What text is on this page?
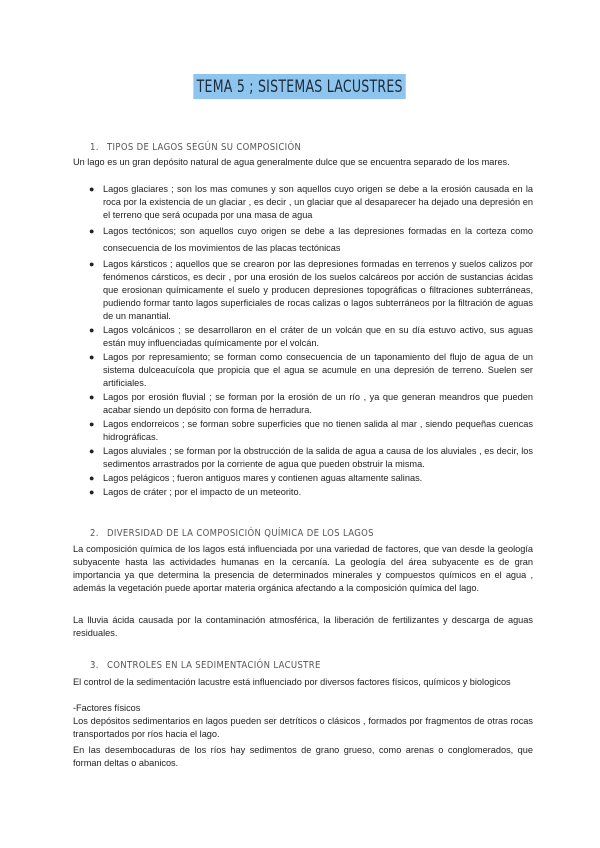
TEMA 5 ; SISTEMAS LACUSTRES
1. TIPOS DE LAGOS SEGÚN SU COMPOSICIÓN
Un lago es un gran depósito natural de agua generalmente dulce que se encuentra separado de los mares.
● Lagos glaciares ; son los mas comunes y son aquellos cuyo origen se debe a la erosión causada en la roca por la existencia de un glaciar , es decir , un glaciar que al desaparecer ha dejado una depresión en el terreno que será ocupada por una masa de agua
● Lagos tectónicos; son aquellos cuyo origen se debe a las depresiones formadas en la corteza como consecuencia de los movimientos de las placas tectónicas
● Lagos kársticos ; aquellos que se crearon por las depresiones formadas en terrenos y suelos calizos por fenómenos cársticos, es decir , por una erosión de los suelos calcáreos por acción de sustancias ácidas que erosionan químicamente el suelo y producen depresiones topográficas o filtraciones subterráneas, pudiendo formar tanto lagos superficiales de rocas calizas o lagos subterráneos por la filtración de aguas de un manantial.
● Lagos volcánicos ; se desarrollaron en el cráter de un volcán que en su día estuvo activo, sus aguas están muy influenciadas químicamente por el volcán.
● Lagos por represamiento; se forman como consecuencia de un taponamiento del flujo de agua de un sistema dulceacuícola que propicia que el agua se acumule en una depresión de terreno. Suelen ser artificiales.
● Lagos por erosión fluvial ; se forman por la erosión de un río , ya que generan meandros que pueden acabar siendo un depósito con forma de herradura.
● Lagos endorreicos ; se forman sobre superficies que no tienen salida al mar , siendo pequeñas cuencas hidrográficas.
● Lagos aluviales ; se forman por la obstrucción de la salida de agua a causa de los aluviales , es decir, los sedimentos arrastrados por la corriente de agua que pueden obstruir la misma.
● Lagos pelágicos ; fueron antiguos mares y contienen aguas altamente salinas.
● Lagos de cráter ; por el impacto de un meteorito.
2. DIVERSIDAD DE LA COMPOSICIÓN QUÍMICA DE LOS LAGOS
La composición química de los lagos está influenciada por una variedad de factores, que van desde la geología subyacente hasta las actividades humanas en la cercanía. La geología del área subyacente es de gran importancia ya que determina la presencia de determinados minerales y compuestos químicos en el agua , además la vegetación puede aportar materia orgánica afectando a la composición química del lago.
La lluvia ácida causada por la contaminación atmosférica, la liberación de fertilizantes y descarga de aguas residuales.
3. CONTROLES EN LA SEDIMENTACIÓN LACUSTRE
El control de la sedimentación lacustre está influenciado por diversos factores físicos, químicos y biologicos
-Factores físicos
Los depósitos sedimentarios en lagos pueden ser detríticos o clásicos , formados por fragmentos de otras rocas transportados por ríos hacia el lago.
En las desembocaduras de los ríos hay sedimentos de grano grueso, como arenas o conglomerados, que forman deltas o abanicos.
